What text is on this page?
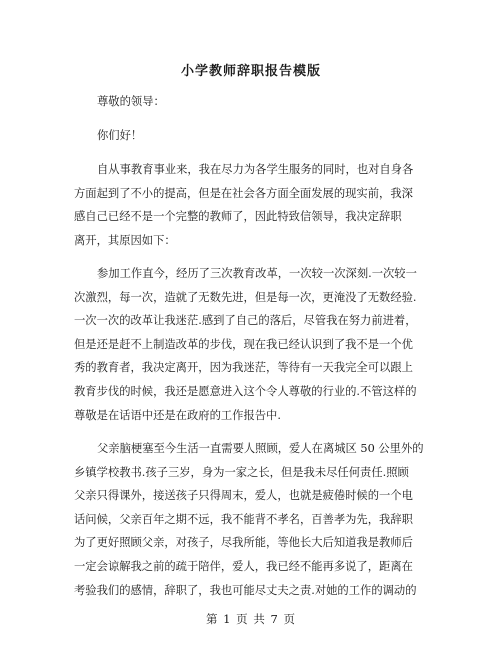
小学教师辞职报告模版
尊敬的领导：
你们好！
自从事教育事业来，我在尽力为各学生服务的同时，也对自身各
方面起到了不小的提高，但是在社会各方面全面发展的现实前，我深
感自己已经不是一个完整的教师了，因此特致信领导，我决定辞职
离开，其原因如下：
参加工作直今，经历了三次教育改革，一次较一次深刻.一次较一
次激烈，每一次，造就了无数先进，但是每一次，更淹没了无数经验.
一次一次的改革让我迷茫.感到了自己的落后，尽管我在努力前进着，
但是还是赶不上制造改革的步伐，现在我已经认识到了我不是一个优
秀的教育者，我决定离开，因为我迷茫，等待有一天我完全可以跟上
教育步伐的时候，我还是愿意进入这个令人尊敬的行业的.不管这样的
尊敬是在话语中还是在政府的工作报告中.
父亲脑梗塞至今生活一直需要人照顾，爱人在离城区 50 公里外的
乡镇学校教书.孩子三岁，身为一家之长，但是我未尽任何责任.照顾
父亲只得课外，接送孩子只得周末，爱人，也就是疲倦时候的一个电
话问候，父亲百年之期不远，我不能背不孝名，百善孝为先，我辞职
为了更好照顾父亲，对孩子，尽我所能，等他长大后知道我是教师后
一定会谅解我之前的疏于陪伴，爱人，我已经不能再多说了，距离在
考验我们的感情，辞职了，我也可能尽丈夫之责.对她的工作的调动的
第 1 页 共 7 页
